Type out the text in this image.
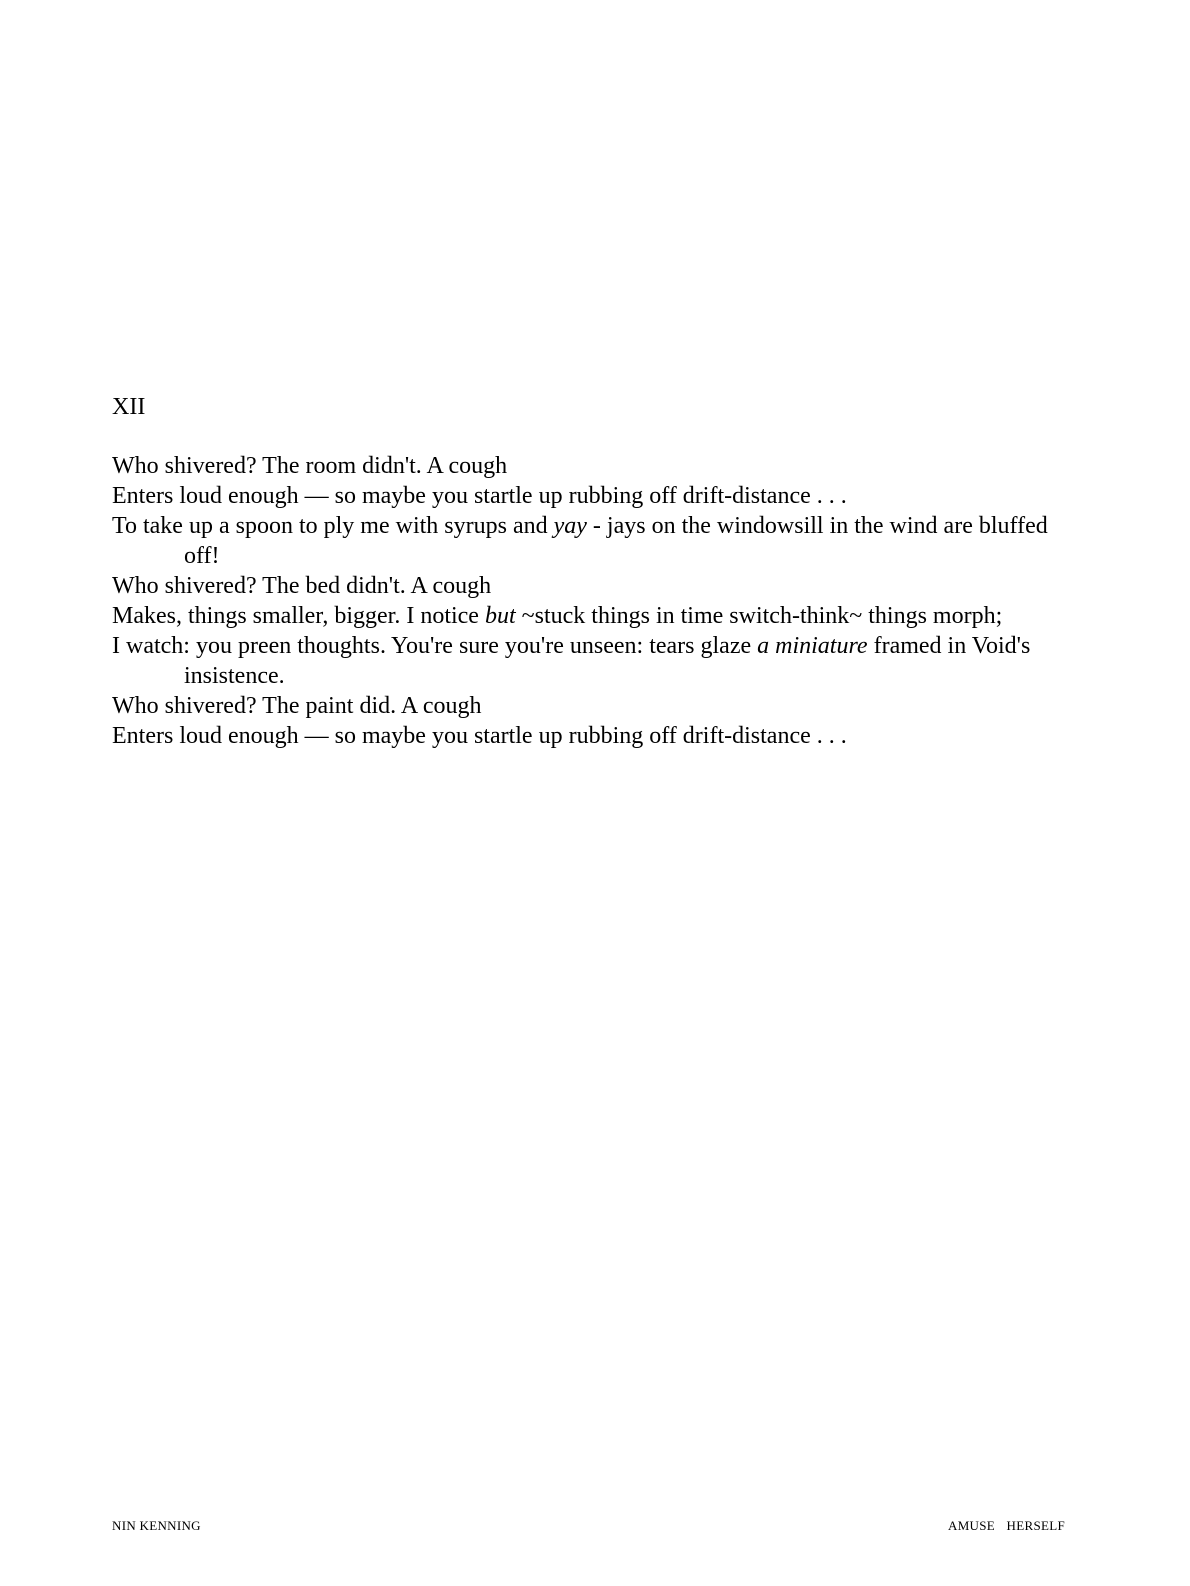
XII
Who shivered? The room didn't. A cough
Enters loud enough — so maybe you startle up rubbing off drift-distance . . .
To take up a spoon to ply me with syrups and yay - jays on the windowsill in the wind are bluffed off!
Who shivered? The bed didn't. A cough
Makes, things smaller, bigger. I notice but ~stuck things in time switch-think~ things morph;
I watch: you preen thoughts. You're sure you're unseen: tears glaze a miniature framed in Void's insistence.
Who shivered? The paint did. A cough
Enters loud enough — so maybe you startle up rubbing off drift-distance . . .
NIN KENNING	AMUSE HERSELF
